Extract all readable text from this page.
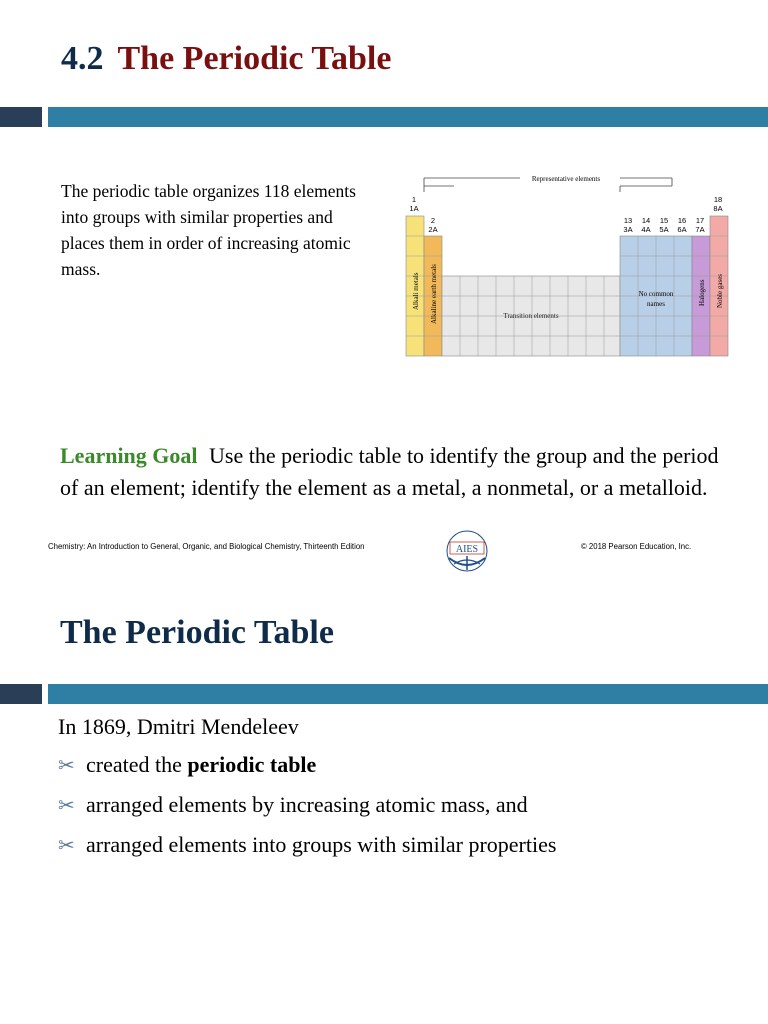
4.2 The Periodic Table
The periodic table organizes 118 elements into groups with similar properties and places them in order of increasing atomic mass.
Representative elements
1
1A
2
2A
13
3A
14
4A
15
5A
16
6A
17
7A
18
8A
Alkali metals Alkaline earth metals	Transition elements
No common
names	Halogens Noble gases
Learning Goal Use the periodic table to identify the group and the period of an element; identify the element as a metal, a nonmetal, or a metalloid.
Chemistry: An Introduction to General, Organic, and Biological Chemistry, Thirteenth Edition	AIES	© 2018 Pearson Education, Inc.
The Periodic Table
In 1869, Dmitri Mendeleev
✂ created the periodic table
✂ arranged elements by increasing atomic mass, and
✂ arranged elements into groups with similar properties
